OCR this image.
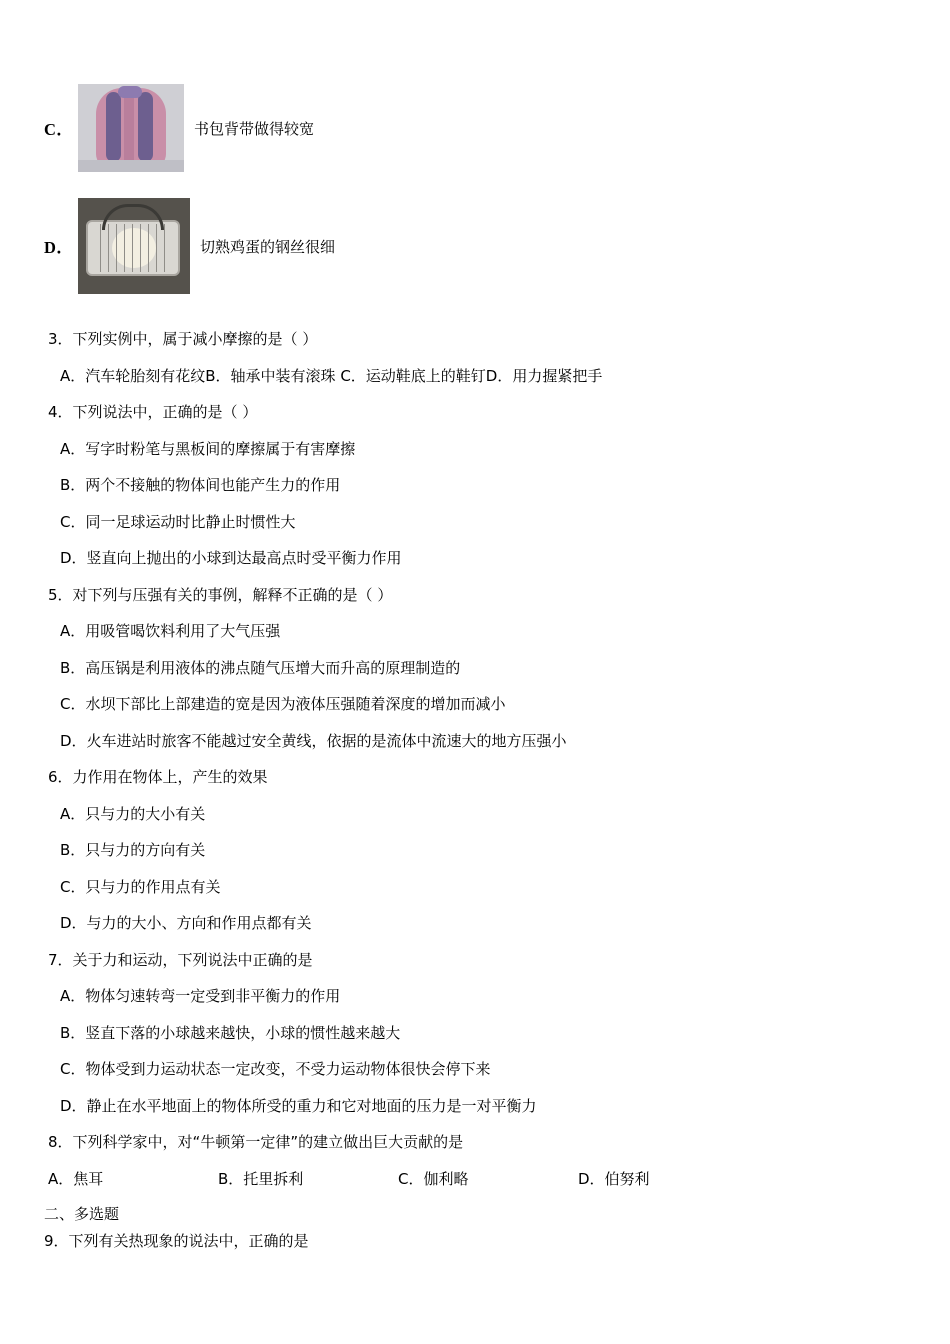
C．	书包背带做得较宽
D．	切熟鸡蛋的钢丝很细

3．下列实例中，属于减小摩擦的是（ ）

A．汽车轮胎刻有花纹B．轴承中装有滚珠 C．运动鞋底上的鞋钉D．用力握紧把手

4．下列说法中，正确的是（ ）

A．写字时粉笔与黑板间的摩擦属于有害摩擦

B．两个不接触的物体间也能产生力的作用

C．同一足球运动时比静止时惯性大

D．竖直向上抛出的小球到达最高点时受平衡力作用

5．对下列与压强有关的事例，解释不正确的是（ ）

A．用吸管喝饮料利用了大气压强

B．高压锅是利用液体的沸点随气压增大而升高的原理制造的

C．水坝下部比上部建造的宽是因为液体压强随着深度的增加而减小

D．火车进站时旅客不能越过安全黄线，依据的是流体中流速大的地方压强小

6．力作用在物体上，产生的效果

A．只与力的大小有关

B．只与力的方向有关

C．只与力的作用点有关

D．与力的大小、方向和作用点都有关

7．关于力和运动，下列说法中正确的是

A．物体匀速转弯一定受到非平衡力的作用

B．竖直下落的小球越来越快，小球的惯性越来越大

C．物体受到力运动状态一定改变，不受力运动物体很快会停下来

D．静止在水平地面上的物体所受的重力和它对地面的压力是一对平衡力

8．下列科学家中，对“牛顿第一定律”的建立做出巨大贡献的是

A．焦耳	B．托里拆利	C．伽利略	D．伯努利

二、多选题

9．下列有关热现象的说法中，正确的是
